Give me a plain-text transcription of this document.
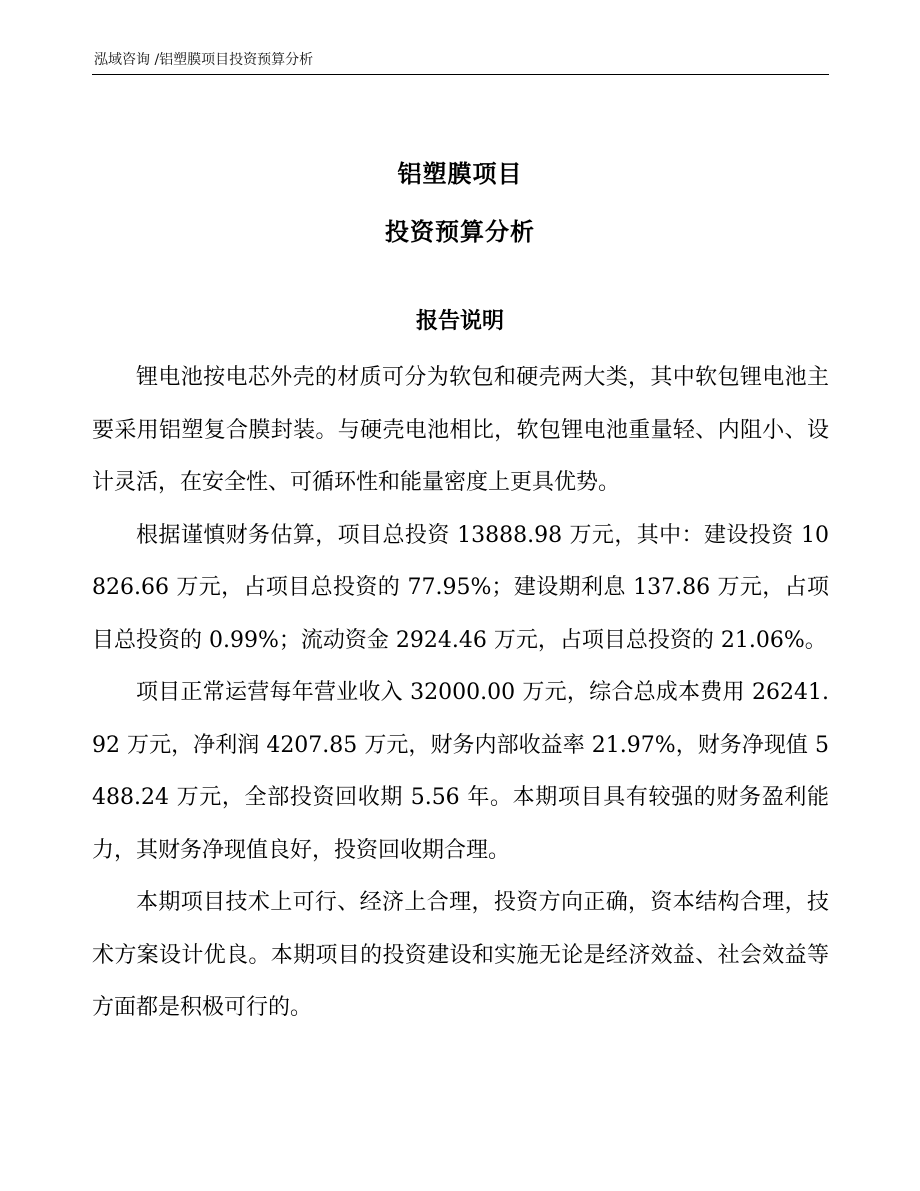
泓域咨询 /铝塑膜项目投资预算分析
铝塑膜项目
投资预算分析
报告说明

锂电池按电芯外壳的材质可分为软包和硬壳两大类，其中软包锂电池主要采用铝塑复合膜封装。与硬壳电池相比，软包锂电池重量轻、内阻小、设计灵活，在安全性、可循环性和能量密度上更具优势。

根据谨慎财务估算，项目总投资 13888.98 万元，其中：建设投资 10826.66 万元，占项目总投资的 77.95%；建设期利息 137.86 万元，占项目总投资的 0.99%；流动资金 2924.46 万元，占项目总投资的 21.06%。

项目正常运营每年营业收入 32000.00 万元，综合总成本费用 26241.92 万元，净利润 4207.85 万元，财务内部收益率 21.97%，财务净现值 5488.24 万元，全部投资回收期 5.56 年。本期项目具有较强的财务盈利能力，其财务净现值良好，投资回收期合理。

本期项目技术上可行、经济上合理，投资方向正确，资本结构合理，技术方案设计优良。本期项目的投资建设和实施无论是经济效益、社会效益等方面都是积极可行的。
